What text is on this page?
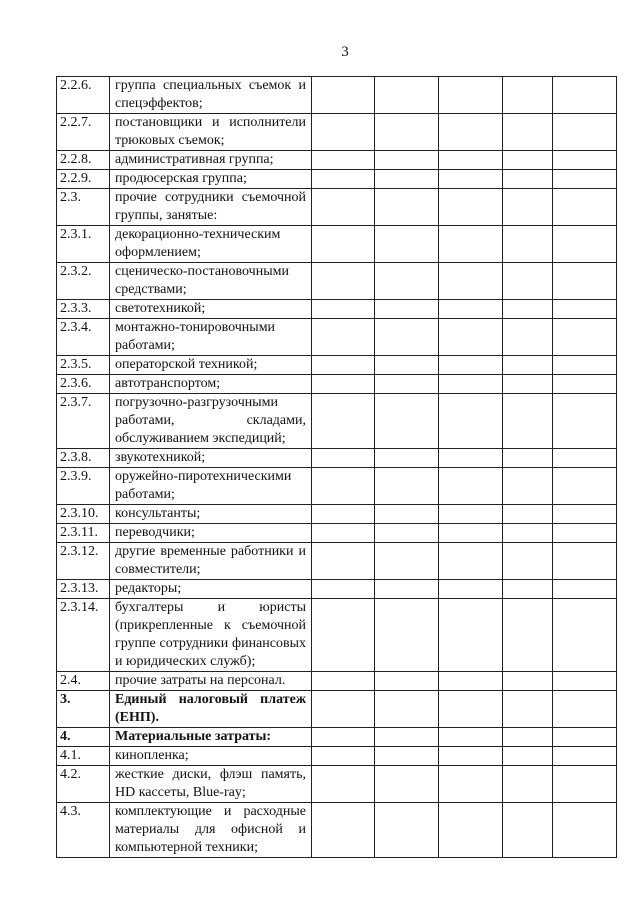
3
2.2.6.	группа специальных съемок и спецэффектов;					
2.2.7.	постановщики и исполнители трюковых съемок;					
2.2.8.	административная группа;					
2.2.9.	продюсерская группа;					
2.3.	прочие сотрудники съемочной группы, занятые:					
2.3.1.	декорационно-техническим оформлением;					
2.3.2.	сценическо-постановочными средствами;					
2.3.3.	светотехникой;					
2.3.4.	монтажно-тонировочными работами;					
2.3.5.	операторской техникой;					
2.3.6.	автотранспортом;					
2.3.7.	погрузочно-разгрузочными работами, складами, обслуживанием экспедиций;					
2.3.8.	звукотехникой;					
2.3.9.	оружейно-пиротехническими работами;					
2.3.10.	консультанты;					
2.3.11.	переводчики;					
2.3.12.	другие временные работники и совместители;					
2.3.13.	редакторы;					
2.3.14.	бухгалтеры и юристы (прикрепленные к съемочной группе сотрудники финансовых и юридических служб);					
2.4.	прочие затраты на персонал.					
3.	Единый налоговый платеж (ЕНП).					
4.	Материальные затраты:					
4.1.	кинопленка;					
4.2.	жесткие диски, флэш память, HD кассеты, Blue-ray;					
4.3.	комплектующие и расходные материалы для офисной и компьютерной техники;					
